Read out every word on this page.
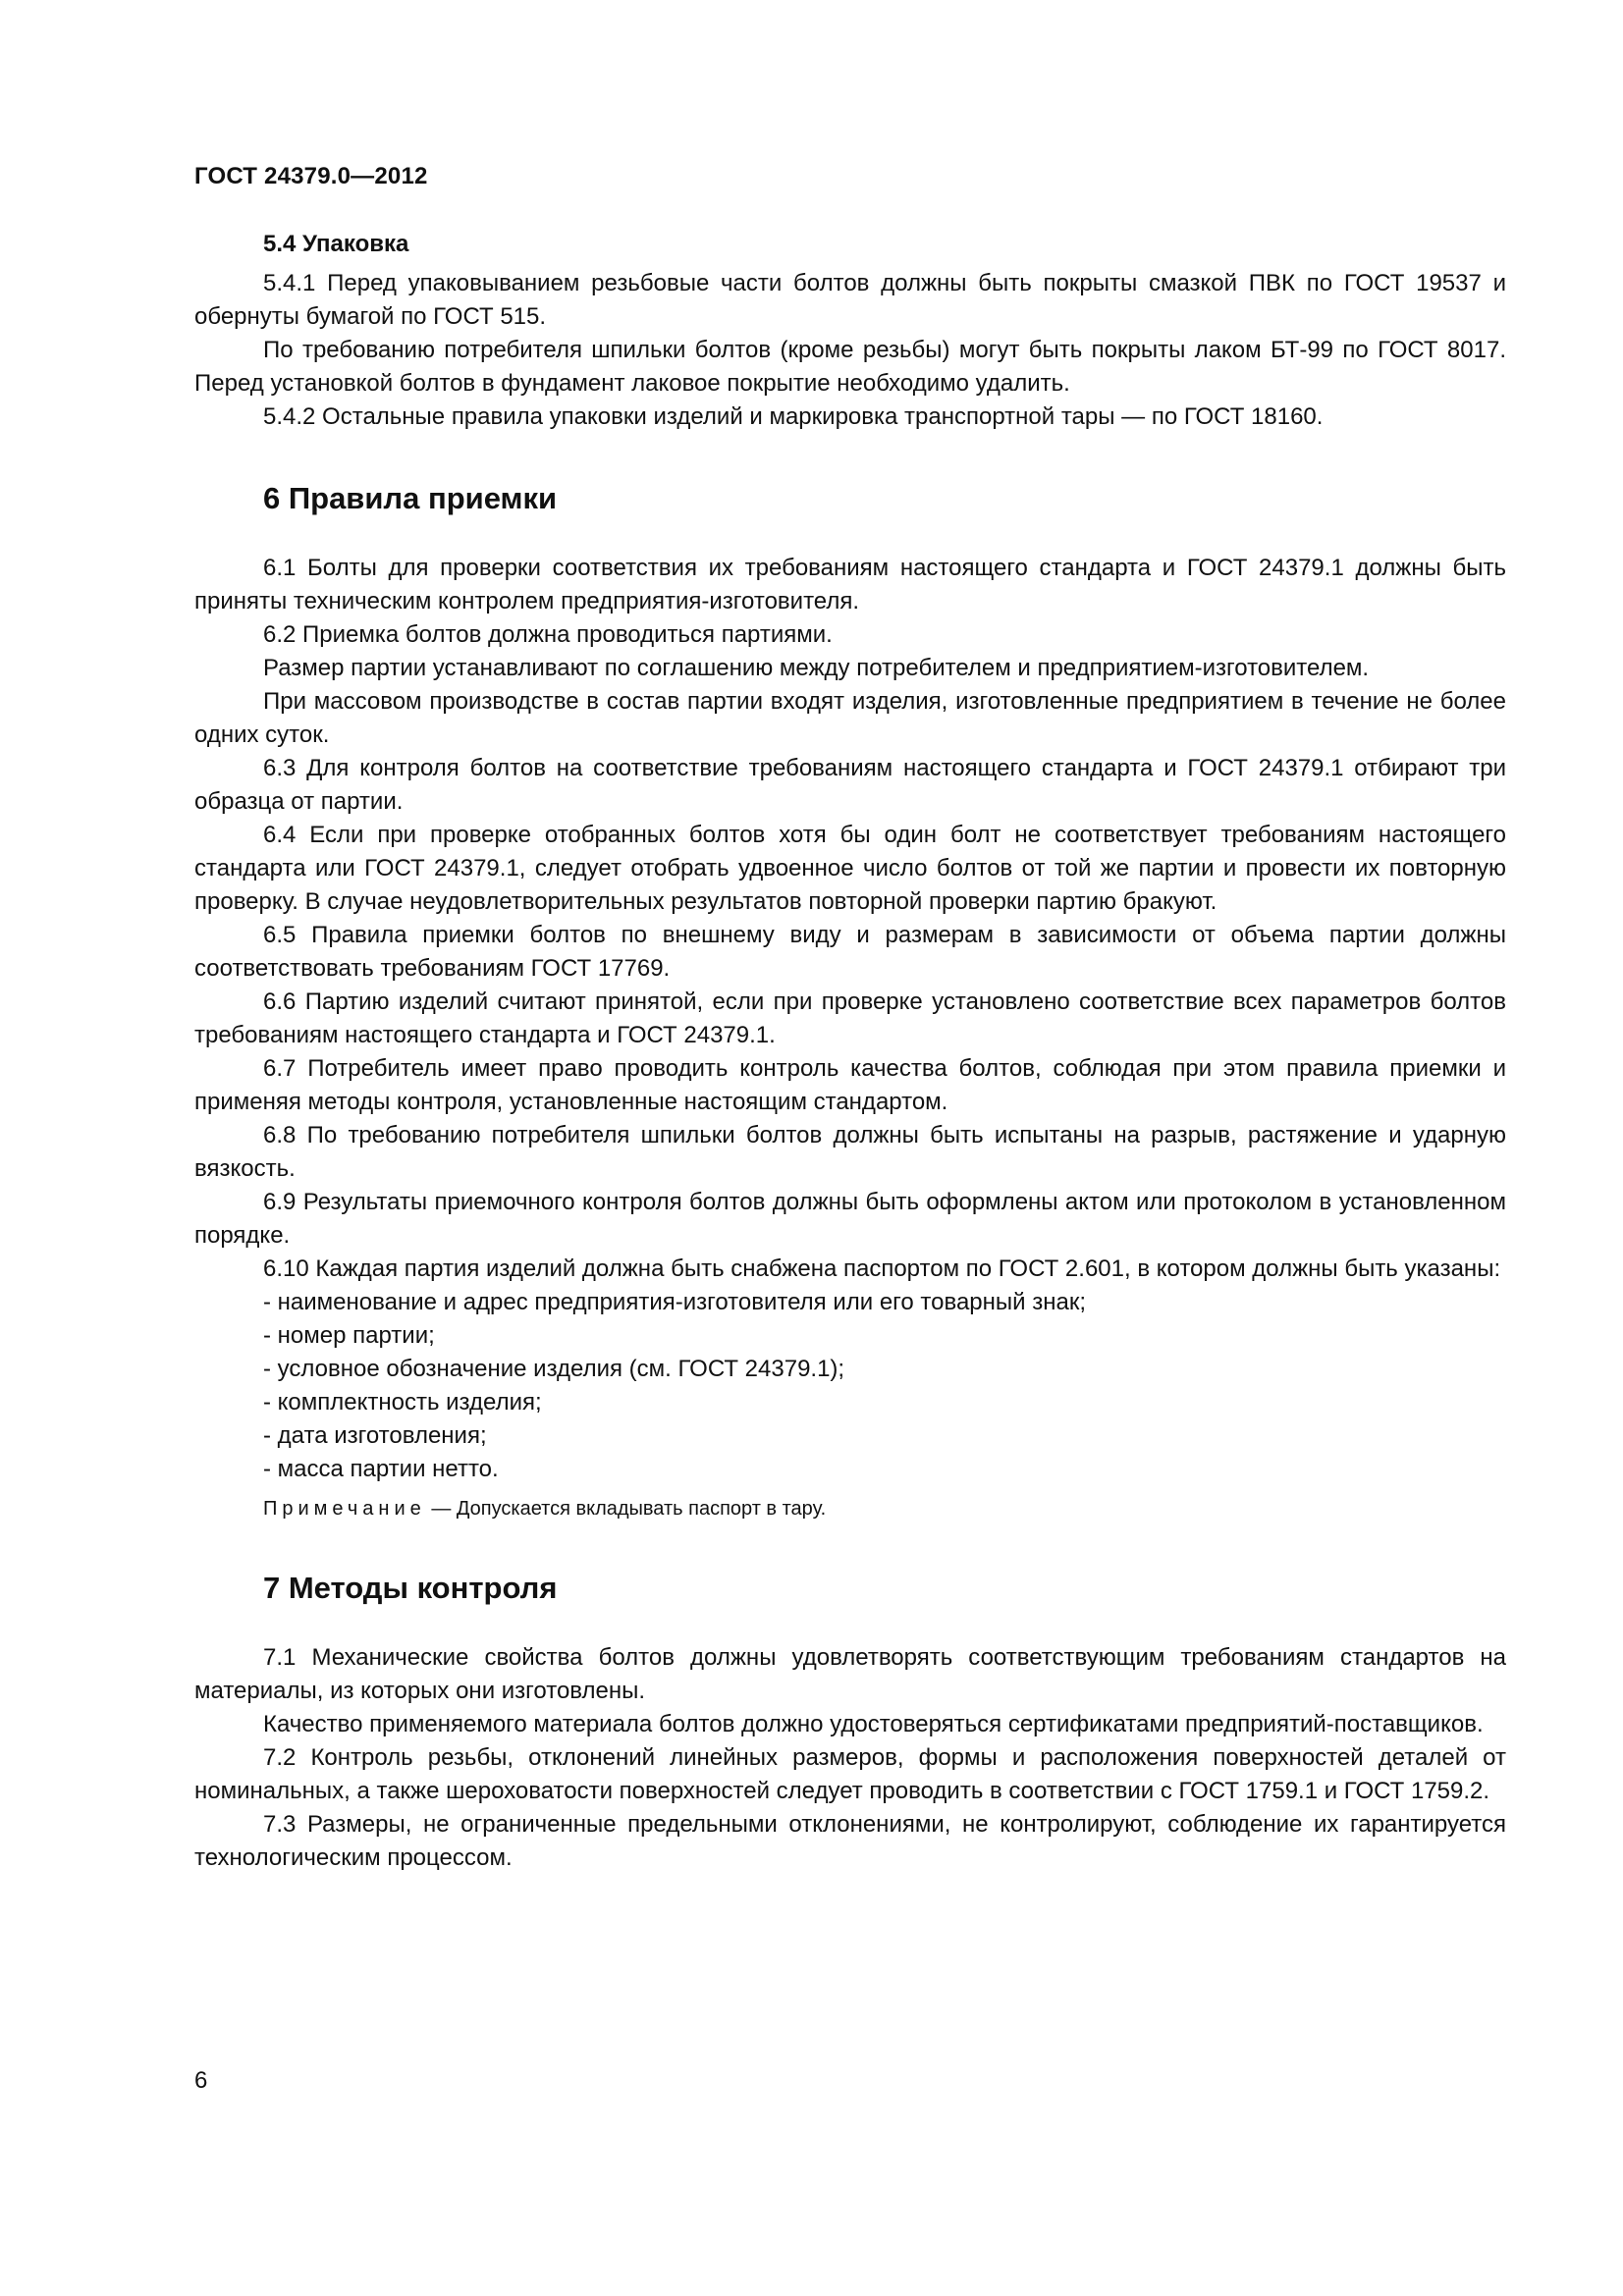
ГОСТ 24379.0—2012
5.4 Упаковка

5.4.1 Перед упаковыванием резьбовые части болтов должны быть покрыты смазкой ПВК по ГОСТ 19537 и обернуты бумагой по ГОСТ 515.

По требованию потребителя шпильки болтов (кроме резьбы) могут быть покрыты лаком БТ-99 по ГОСТ 8017. Перед установкой болтов в фундамент лаковое покрытие необходимо удалить.

5.4.2 Остальные правила упаковки изделий и маркировка транспортной тары — по ГОСТ 18160.

6 Правила приемки

6.1 Болты для проверки соответствия их требованиям настоящего стандарта и ГОСТ 24379.1 должны быть приняты техническим контролем предприятия-изготовителя.

6.2 Приемка болтов должна проводиться партиями.

Размер партии устанавливают по соглашению между потребителем и предприятием-изготовителем.

При массовом производстве в состав партии входят изделия, изготовленные предприятием в течение не более одних суток.

6.3 Для контроля болтов на соответствие требованиям настоящего стандарта и ГОСТ 24379.1 отбирают три образца от партии.

6.4 Если при проверке отобранных болтов хотя бы один болт не соответствует требованиям настоящего стандарта или ГОСТ 24379.1, следует отобрать удвоенное число болтов от той же партии и провести их повторную проверку. В случае неудовлетворительных результатов повторной проверки партию бракуют.

6.5 Правила приемки болтов по внешнему виду и размерам в зависимости от объема партии должны соответствовать требованиям ГОСТ 17769.

6.6 Партию изделий считают принятой, если при проверке установлено соответствие всех параметров болтов требованиям настоящего стандарта и ГОСТ 24379.1.

6.7 Потребитель имеет право проводить контроль качества болтов, соблюдая при этом правила приемки и применяя методы контроля, установленные настоящим стандартом.

6.8 По требованию потребителя шпильки болтов должны быть испытаны на разрыв, растяжение и ударную вязкость.

6.9 Результаты приемочного контроля болтов должны быть оформлены актом или протоколом в установленном порядке.

6.10 Каждая партия изделий должна быть снабжена паспортом по ГОСТ 2.601, в котором должны быть указаны:

- наименование и адрес предприятия-изготовителя или его товарный знак;

- номер партии;

- условное обозначение изделия (см. ГОСТ 24379.1);

- комплектность изделия;

- дата изготовления;

- масса партии нетто.

Примечание — Допускается вкладывать паспорт в тару.

7 Методы контроля

7.1 Механические свойства болтов должны удовлетворять соответствующим требованиям стандартов на материалы, из которых они изготовлены.

Качество применяемого материала болтов должно удостоверяться сертификатами предприятий-поставщиков.

7.2 Контроль резьбы, отклонений линейных размеров, формы и расположения поверхностей деталей от номинальных, а также шероховатости поверхностей следует проводить в соответствии с ГОСТ 1759.1 и ГОСТ 1759.2.

7.3 Размеры, не ограниченные предельными отклонениями, не контролируют, соблюдение их гарантируется технологическим процессом.

6
